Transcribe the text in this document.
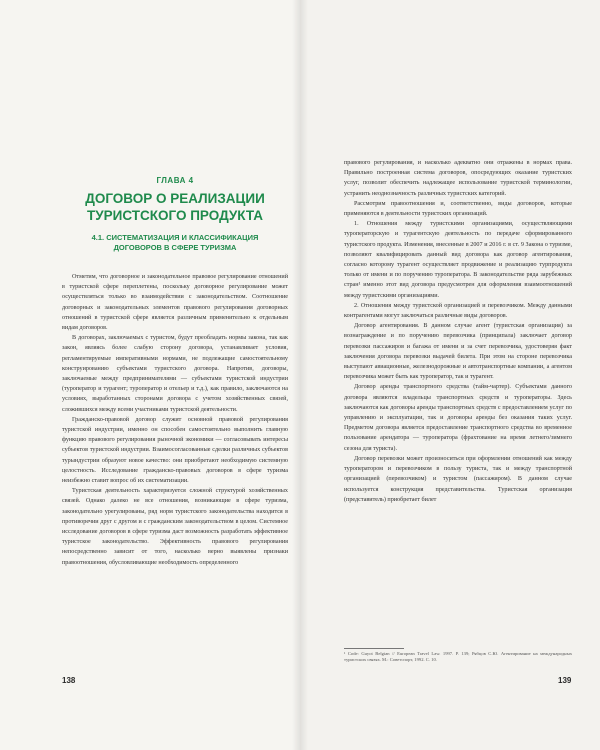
ГЛАВА 4
ДОГОВОР О РЕАЛИЗАЦИИ
ТУРИСТСКОГО ПРОДУКТА
4.1. СИСТЕМАТИЗАЦИЯ И КЛАССИФИКАЦИЯ
ДОГОВОРОВ В СФЕРЕ ТУРИЗМА

Отметим, что договорное и законодательное правовое регулирование отношений в туристской сфере переплетены, поскольку договорное регулирование может осуществляться только во взаимодействии с законодательством. Соотношение договорных и законодательных элементов правового регулирования договорных отношений в туристской сфере является различным применительно к отдельным видам договоров.

В договорах, заключаемых с туристом, будут преобладать нормы закона, так как закон, являясь более слабую сторону договора, устанавливает условия, регламентируемые императивными нормами, не подлежащие самостоятельному конструированию субъектами туристского договора. Напротив, договоры, заключаемые между предпринимателями — субъектами туристской индустрии (туроператор и турагент; туроператор и отельер и т.д.), как правило, заключаются на условиях, выработанных сторонами договора с учетом хозяйственных связей, сложившихся между всеми участниками туристской деятельности.

Гражданско-правовой договор служит основной правовой регулирования туристской индустрии, именно он способен самостоятельно выполнить главную функцию правового регулирования рыночной экономики — согласовывать интересы субъектов туристской индустрии. Взаимосогласованные сделки различных субъектов турындустрии образуют новое качество: они приобретают необходимую системную целостность. Исследование гражданско-правовых договоров в сфере туризма неизбежно ставит вопрос об их систематизации.

Туристская деятельность характеризуется сложной структурой хозяйственных связей. Однако далеко не все отношения, возникающие в сфере туризма, законодательно урегулированы, ряд норм туристского законодательства находится в противоречии друг с другом и с гражданским законодательством в целом. Системное исследование договоров в сфере туризма даст возможность разработать эффективное туристское законодательство. Эффективность правового регулирования непосредственно зависит от того, насколько верно выявлены признаки правоотношения, обусловливающие необходимость определенного

138

правового регулирования, и насколько адекватно они отражены в нормах права. Правильно построенная система договоров, опосредующих оказание туристских услуг, позволит обеспечить надлежащее использование туристской терминологии, устранить неоднозначность различных туристских категорий.

Рассмотрим правоотношения и, соответственно, виды договоров, которые применяются в деятельности туристских организаций.

1. Отношения между туристскими организациями, осуществляющими туроператорскую и турагентскую деятельность по передаче сформированного туристского продукта. Изменения, внесенные в 2007 и 2016 г. в ст. 9 Закона о туризме, позволяют квалифицировать данный вид договора как договор агентирования, согласно которому турагент осуществляет продвижение и реализацию турпродукта только от имени и по поручению туроператора. В законодательстве ряда зарубежных стран¹ именно этот вид договора предусмотрен для оформления взаимоотношений между туристскими организациями.

2. Отношения между туристской организацией и перевозчиком. Между данными контрагентами могут заключаться различные виды договоров.

Договор агентирования. В данном случае агент (туристская организация) за вознаграждение и по поручению перевозчика (принципала) заключает договор перевозки пассажиров и багажа от имени и за счет перевозчика, удостоверяя факт заключения договора перевозки выдачей билета. При этом на стороне перевозчика выступают авиационные, железнодорожные и автотранспортные компании, а агентом перевозчика может быть как туроператор, так и турагент.

Договор аренды транспортного средства (тайм-чартер). Субъектами данного договора являются владельцы транспортных средств и туроператоры. Здесь заключаются как договоры аренды транспортных средств с предоставлением услуг по управлению и эксплуатации, так и договоры аренды без оказания таких услуг. Предметом договора является предоставление транспортного средства во временное пользование арендатора — туроператора (фрахтование на время летнего/зимнего сезона для туриста).

Договор перевозки может произноситься при оформлении отношений как между туроператором и перевозчиком в пользу туриста, так и между транспортной организацией (перевозчиком) и туристом (пассажиром). В данном случае используется конструкция представительства. Туристская организация (представитель) приобретает билет

¹ Code: Guyot Belgian // European Travel Law. 1997. P. 139; Рябцов С.Ю. Агентирование на международных туристских связях. М.: Советспорт, 1992. С. 10.
139
